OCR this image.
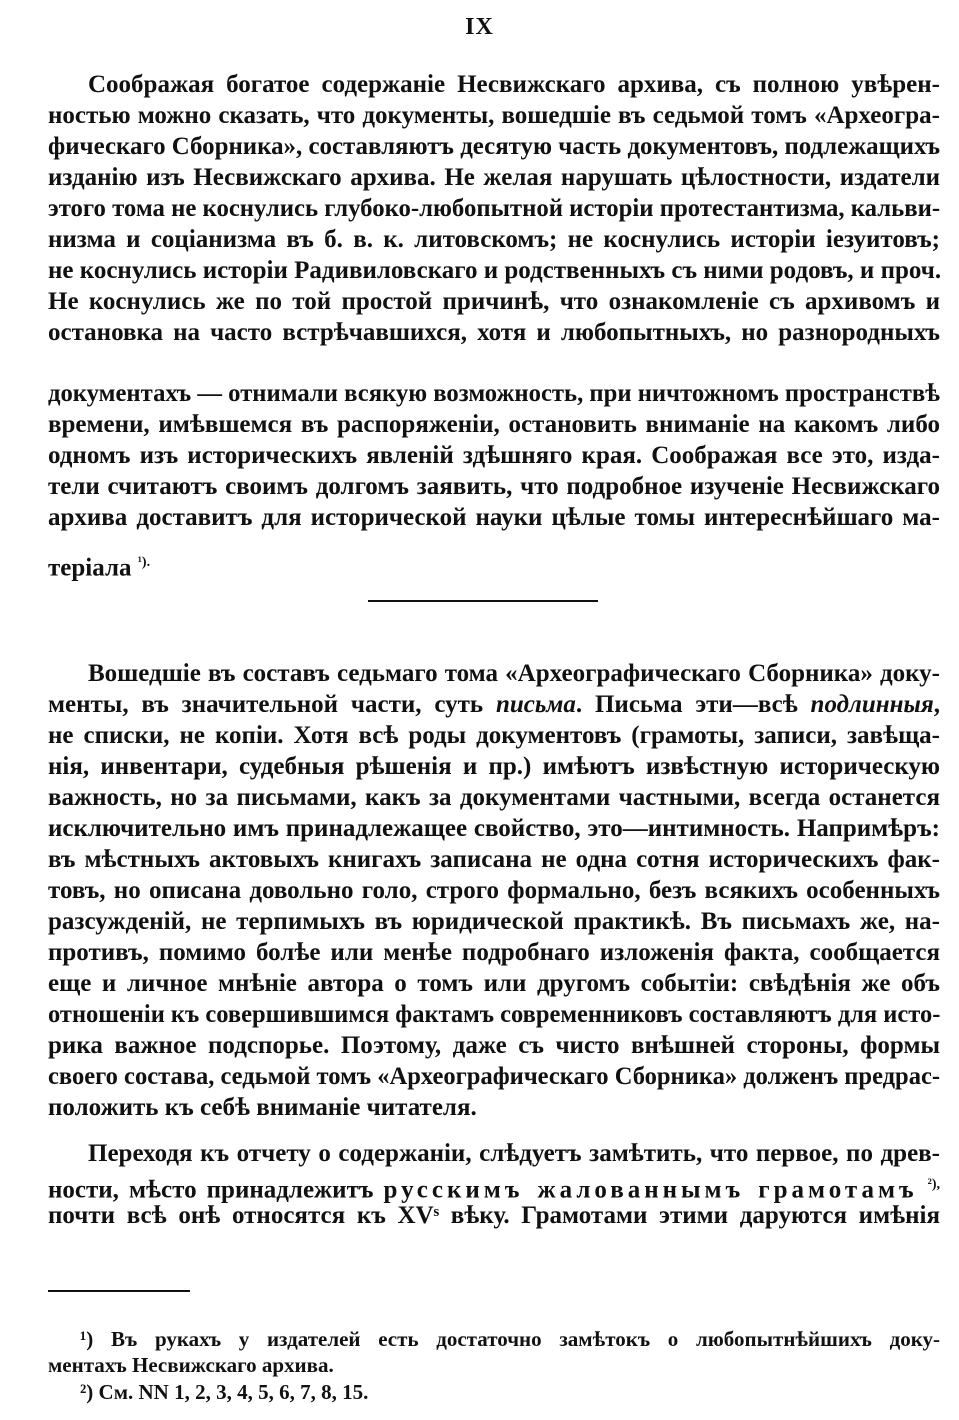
IX
Соображая богатое содержаніе Несвижскаго архива, съ полною увѣрен-
ностью можно сказать, что документы, вошедшіе въ седьмой томъ «Археогра-
фическаго Сборника», составляютъ десятую часть документовъ, подлежащихъ
изданію изъ Несвижскаго архива. Не желая нарушать цѣлостности, издатели
этого тома не коснулись глубоко-любопытной исторіи протестантизма, кальви-
низма и соціанизма въ б. в. к. литовскомъ; не коснулись исторіи іезуитовъ;
не коснулись исторіи Радивиловскаго и родственныхъ съ ними родовъ, и проч.
Не коснулись же по той простой причинѣ, что ознакомленіе съ архивомъ и
остановка на часто встрѣчавшихся, хотя и любопытныхъ, но разнородныхъ
документахъ — отнимали всякую возможность, при ничтожномъ пространствѣ
времени, имѣвшемся въ распоряженіи, остановить вниманіе на какомъ либо
одномъ изъ историческихъ явленій здѣшняго края. Соображая все это, изда-
тели считаютъ своимъ долгомъ заявить, что подробное изученіе Несвижскаго
архива доставитъ для исторической науки цѣлые томы интереснѣйшаго ма-
теріала $^{^1).}$
Вошедшіе въ составъ седьмаго тома «Археографическаго Сборника» доку-
менты, въ значительной части, суть письма. Письма эти—всѣ подлинныя,
не списки, не копіи. Хотя всѣ роды документовъ (грамоты, записи, завѣща-
нія, инвентари, судебныя рѣшенія и пр.) имѣютъ извѣстную историческую
важность, но за письмами, какъ за документами частными, всегда останется
исключительно имъ принадлежащее свойство, это—интимность. Напримѣръ:
въ мѣстныхъ актовыхъ книгахъ записана не одна сотня историческихъ фак-
товъ, но описана довольно голо, строго формально, безъ всякихъ особенныхъ
разсужденій, не терпимыхъ въ юридической практикѣ. Въ письмахъ же, на-
противъ, помимо болѣе или менѣе подробнаго изложенія факта, сообщается
еще и личное мнѣніе автора о томъ или другомъ событіи: свѣдѣнія же объ
отношеніи къ совершившимся фактамъ современниковъ составляютъ для исто-
рика важное подспорье. Поэтому, даже съ чисто внѣшней стороны, формы
своего состава, седьмой томъ «Археографическаго Сборника» долженъ предрас-
положить къ себѣ вниманіе читателя.
Переходя къ отчету о содержаніи, слѣдуетъ замѣтить, что первое, по древ-
ности, мѣсто принадлежитъ русскимъ жалованнымъ грамотамъ $^{^2),}$
почти всѣ онѣ относятся къ XVˢ вѣку. Грамотами этими даруются имѣнія
¹) Въ рукахъ у издателей есть достаточно замѣтокъ о любопытнѣйшихъ доку-
ментахъ Несвижскаго архива.
²) См. NN 1, 2, 3, 4, 5, 6, 7, 8, 15.
